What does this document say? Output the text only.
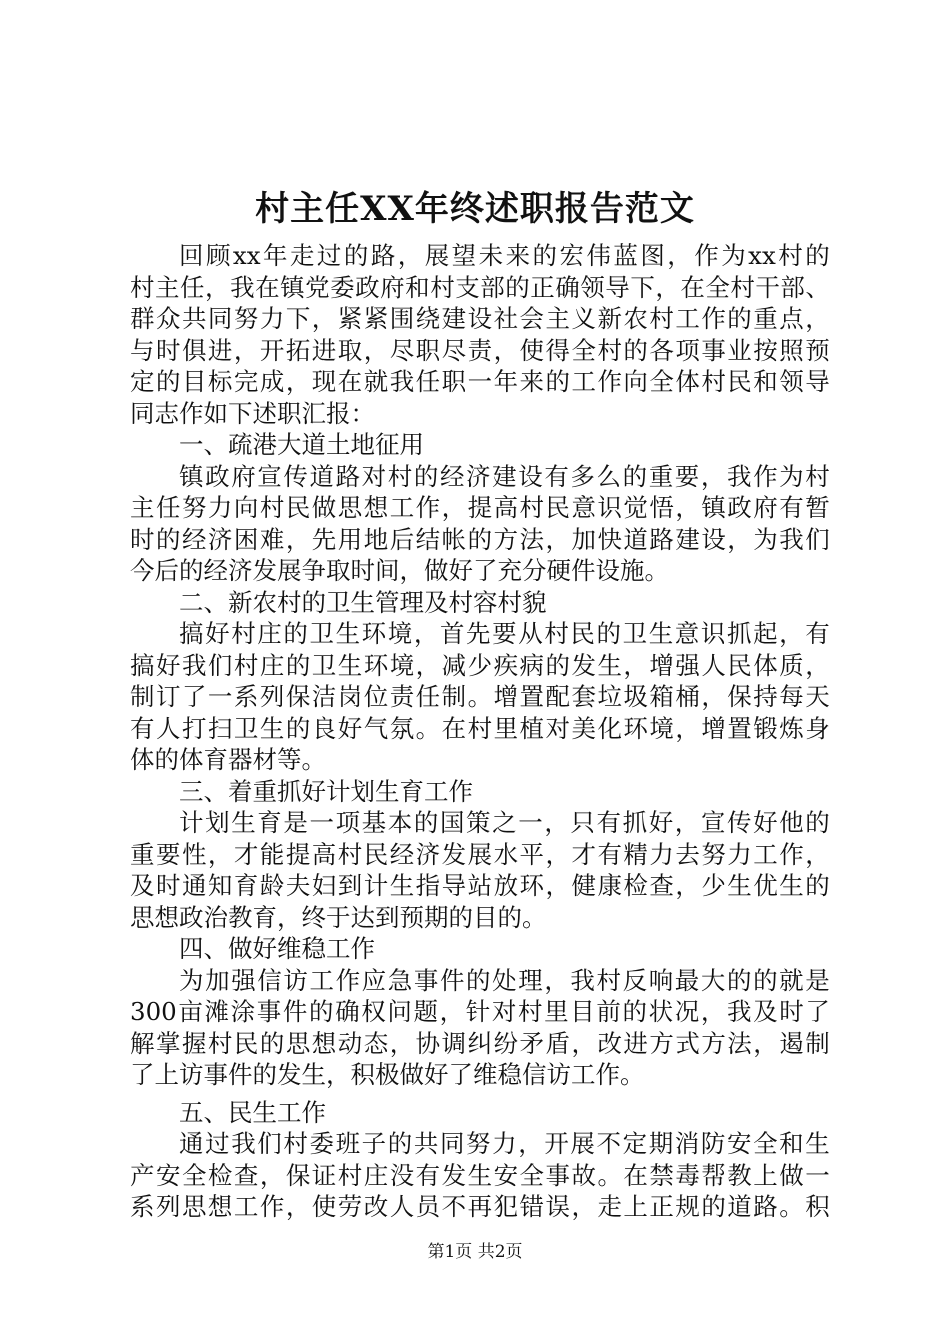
村主任XX年终述职报告范文
回 顾 xx 年 走 过 的 路 ， 展 望 未 来 的 宏 伟 蓝 图 ， 作 为 xx 村 的
村 主 任 ， 我 在 镇 党 委 政 府 和 村 支 部 的 正 确 领 导 下 ， 在 全 村 干 部 、
群 众 共 同 努 力 下 ， 紧 紧 围 绕 建 设 社 会 主 义 新 农 村 工 作 的 重 点 ，
与 时 俱 进 ， 开 拓 进 取 ， 尽 职 尽 责 ， 使 得 全 村 的 各 项 事 业 按 照 预
定 的 目 标 完 成 ， 现 在 就 我 任 职 一 年 来 的 工 作 向 全 体 村 民 和 领 导
同志作如下述职汇报：
一、疏港大道土地征用
镇 政 府 宣 传 道 路 对 村 的 经 济 建 设 有 多 么 的 重 要 ， 我 作 为 村
主 任 努 力 向 村 民 做 思 想 工 作 ， 提 高 村 民 意 识 觉 悟 ， 镇 政 府 有 暂
时 的 经 济 困 难 ， 先 用 地 后 结 帐 的 方 法 ， 加 快 道 路 建 设 ， 为 我 们
今后的经济发展争取时间，做好了充分硬件设施。
二、新农村的卫生管理及村容村貌
搞 好 村 庄 的 卫 生 环 境 ， 首 先 要 从 村 民 的 卫 生 意 识 抓 起 ， 有
搞 好 我 们 村 庄 的 卫 生 环 境 ， 减 少 疾 病 的 发 生 ， 增 强 人 民 体 质 ，
制 订 了 一 系 列 保 洁 岗 位 责 任 制 。 增 置 配 套 垃 圾 箱 桶 ， 保 持 每 天
有 人 打 扫 卫 生 的 良 好 气 氛 。 在 村 里 植 对 美 化 环 境 ， 增 置 锻 炼 身
体的体育器材等。
三、着重抓好计划生育工作
计 划 生 育 是 一 项 基 本 的 国 策 之 一 ， 只 有 抓 好 ， 宣 传 好 他 的
重 要 性 ， 才 能 提 高 村 民 经 济 发 展 水 平 ， 才 有 精 力 去 努 力 工 作 ，
及 时 通 知 育 龄 夫 妇 到 计 生 指 导 站 放 环 ， 健 康 检 查 ， 少 生 优 生 的
思想政治教育，终于达到预期的目的。
四、做好维稳工作
为 加 强 信 访 工 作 应 急 事 件 的 处 理 ， 我 村 反 响 最 大 的 的 就 是
300 亩 滩 涂 事 件 的 确 权 问 题 ， 针 对 村 里 目 前 的 状 况 ， 我 及 时 了
解 掌 握 村 民 的 思 想 动 态 ， 协 调 纠 纷 矛 盾 ， 改 进 方 式 方 法 ， 遏 制
了上访事件的发生，积极做好了维稳信访工作。
五、民生工作
通 过 我 们 村 委 班 子 的 共 同 努 力 ， 开 展 不 定 期 消 防 安 全 和 生
产 安 全 检 查 ， 保 证 村 庄 没 有 发 生 安 全 事 故 。 在 禁 毒 帮 教 上 做 一
系 列 思 想 工 作 ， 使 劳 改 人 员 不 再 犯 错 误 ， 走 上 正 规 的 道 路 。 积
第1页 共2页
